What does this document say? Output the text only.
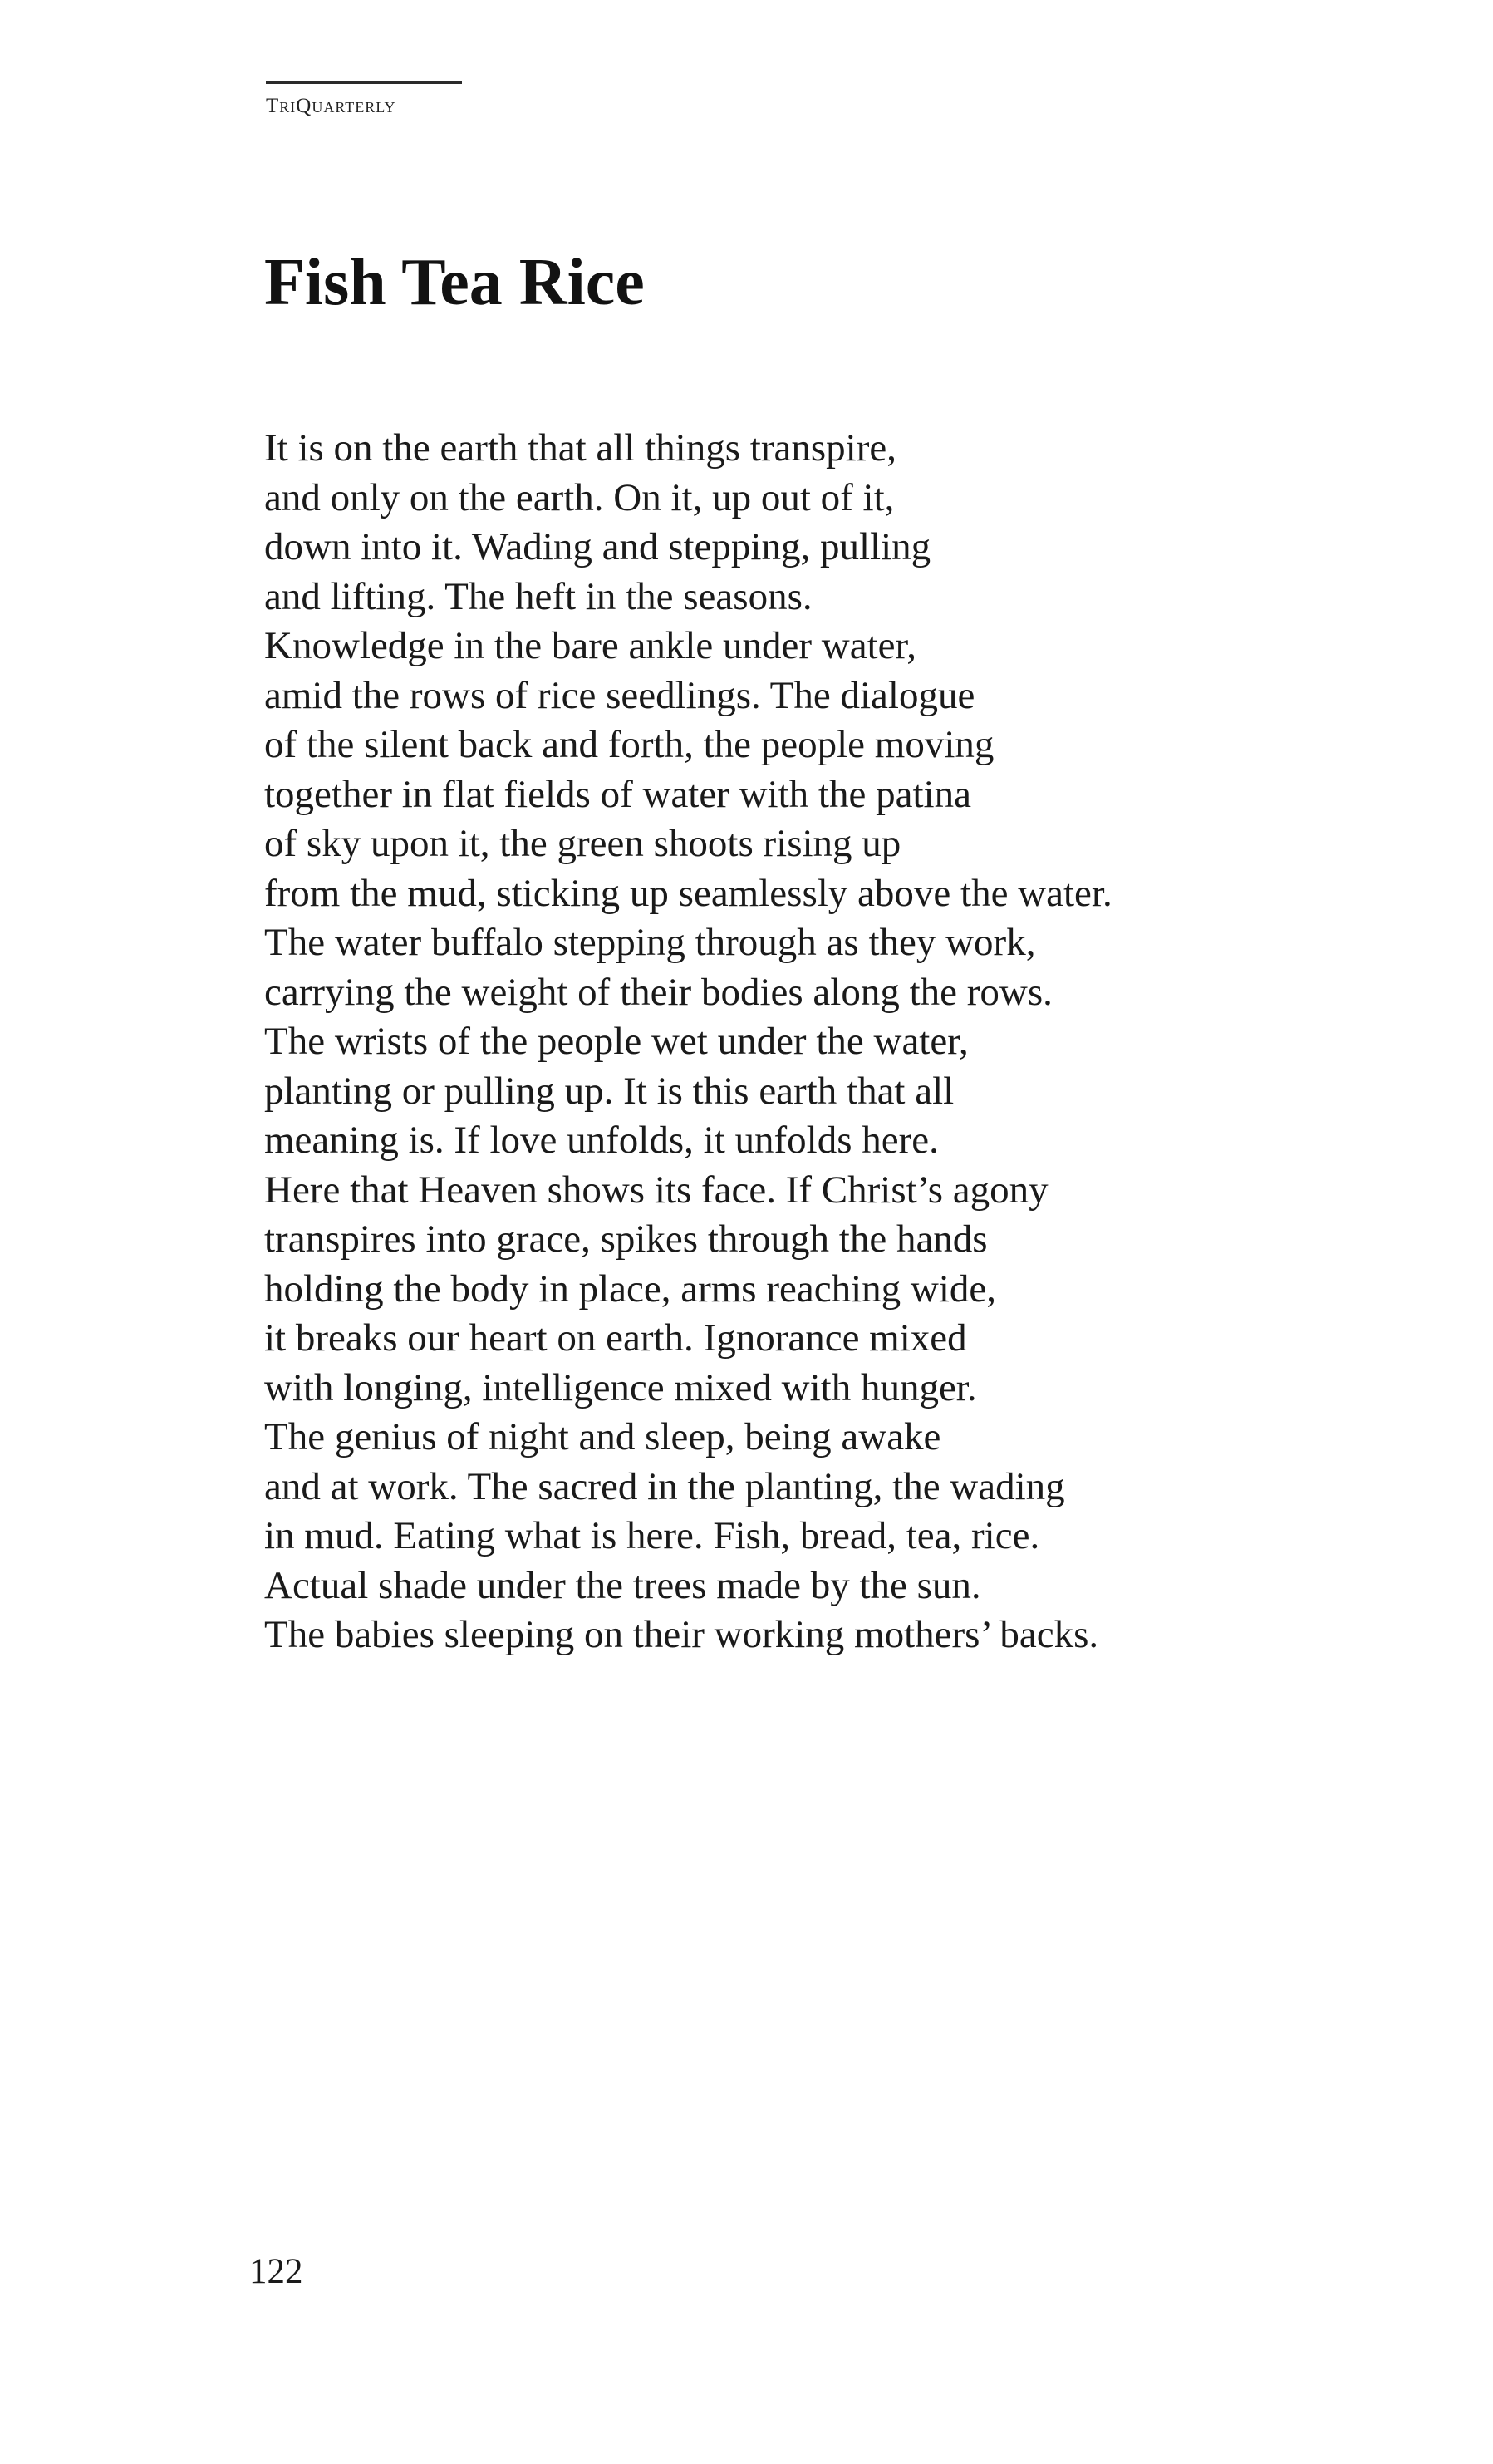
TriQuarterly
Fish Tea Rice
It is on the earth that all things transpire,
and only on the earth. On it, up out of it,
down into it. Wading and stepping, pulling
and lifting. The heft in the seasons.
Knowledge in the bare ankle under water,
amid the rows of rice seedlings. The dialogue
of the silent back and forth, the people moving
together in flat fields of water with the patina
of sky upon it, the green shoots rising up
from the mud, sticking up seamlessly above the water.
The water buffalo stepping through as they work,
carrying the weight of their bodies along the rows.
The wrists of the people wet under the water,
planting or pulling up. It is this earth that all
meaning is. If love unfolds, it unfolds here.
Here that Heaven shows its face. If Christ’s agony
transpires into grace, spikes through the hands
holding the body in place, arms reaching wide,
it breaks our heart on earth. Ignorance mixed
with longing, intelligence mixed with hunger.
The genius of night and sleep, being awake
and at work. The sacred in the planting, the wading
in mud. Eating what is here. Fish, bread, tea, rice.
Actual shade under the trees made by the sun.
The babies sleeping on their working mothers’ backs.
122
